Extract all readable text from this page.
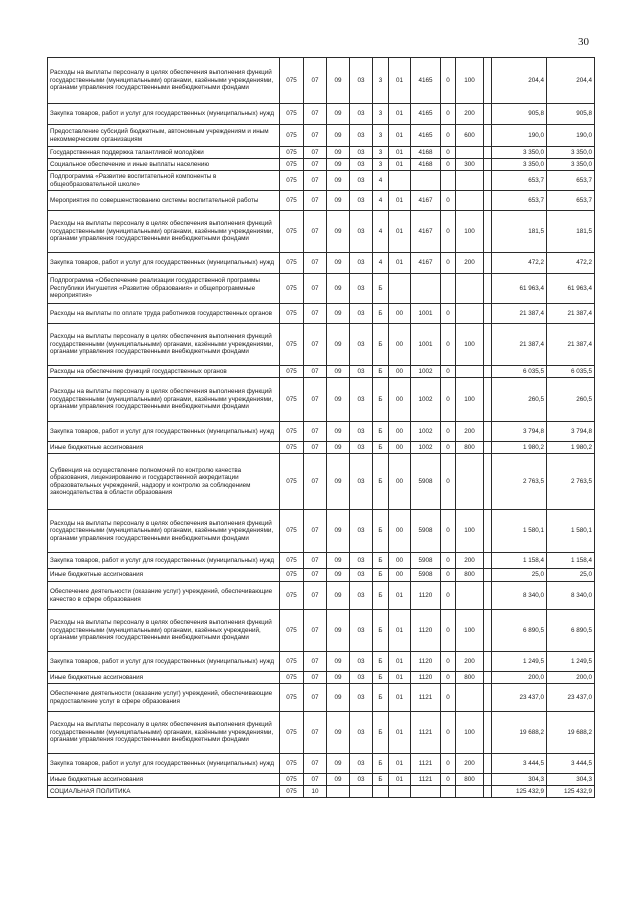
30
Расходы на выплаты персоналу в целях обеспечения выполнения функций государственными (муниципальными) органами, казёнными учреждениями, органами управления государственными внебюджетными фондами	075	07	09	03	3	01	4165	0	100		204,4	204,4
Закупка товаров, работ и услуг для государственных (муниципальных) нужд	075	07	09	03	3	01	4165	0	200		905,8	905,8
Предоставление субсидий бюджетным, автономным учреждениям и иным некоммерческим организациям	075	07	09	03	3	01	4165	0	600		190,0	190,0
Государственная поддержка талантливой молодёжи	075	07	09	03	3	01	4168	0			3 350,0	3 350,0
Социальное обеспечение и иные выплаты населению	075	07	09	03	3	01	4168	0	300		3 350,0	3 350,0
Подпрограмма «Развитие воспитательной компоненты в общеобразовательной школе»	075	07	09	03	4						653,7	653,7
Мероприятия по совершенствованию системы воспитательной работы	075	07	09	03	4	01	4167	0			653,7	653,7
Расходы на выплаты персоналу в целях обеспечения выполнения функций государственными (муниципальными) органами, казёнными учреждениями, органами управления государственными внебюджетными фондами	075	07	09	03	4	01	4167	0	100		181,5	181,5
Закупка товаров, работ и услуг для государственных (муниципальных) нужд	075	07	09	03	4	01	4167	0	200		472,2	472,2
Подпрограмма «Обеспечение реализации государственной программы Республики Ингушетия «Развитие образования» и общепрограммные мероприятия»	075	07	09	03	Б						61 963,4	61 963,4
Расходы на выплаты по оплате труда работников государственных органов	075	07	09	03	Б	00	1001	0			21 387,4	21 387,4
Расходы на выплаты персоналу в целях обеспечения выполнения функций государственными (муниципальными) органами, казёнными учреждениями, органами управления государственными внебюджетными фондами	075	07	09	03	Б	00	1001	0	100		21 387,4	21 387,4
Расходы на обеспечение функций государственных органов	075	07	09	03	Б	00	1002	0			6 035,5	6 035,5
Расходы на выплаты персоналу в целях обеспечения выполнения функций государственными (муниципальными) органами, казёнными учреждениями, органами управления государственными внебюджетными фондами	075	07	09	03	Б	00	1002	0	100		260,5	260,5
Закупка товаров, работ и услуг для государственных (муниципальных) нужд	075	07	09	03	Б	00	1002	0	200		3 794,8	3 794,8
Иные бюджетные ассигнования	075	07	09	03	Б	00	1002	0	800		1 980,2	1 980,2
Субвенция на осуществление полномочий по контролю качества образования, лицензированию и государственной аккредитации образовательных учреждений, надзору и контролю за соблюдением законодательства в области образования	075	07	09	03	Б	00	5908	0			2 763,5	2 763,5
Расходы на выплаты персоналу в целях обеспечения выполнения функций государственными (муниципальными) органами, казёнными учреждениями, органами управления государственными внебюджетными фондами	075	07	09	03	Б	00	5908	0	100		1 580,1	1 580,1
Закупка товаров, работ и услуг для государственных (муниципальных) нужд	075	07	09	03	Б	00	5908	0	200		1 158,4	1 158,4
Иные бюджетные ассигнования	075	07	09	03	Б	00	5908	0	800		25,0	25,0
Обеспечение деятельности (оказание услуг) учреждений, обеспечивающие качество в сфере образования	075	07	09	03	Б	01	1120	0			8 340,0	8 340,0
Расходы на выплаты персоналу в целях обеспечения выполнения функций государственными (муниципальными) органами, казённых учреждений, органами управления государственными внебюджетными фондами	075	07	09	03	Б	01	1120	0	100		6 890,5	6 890,5
Закупка товаров, работ и услуг для государственных (муниципальных) нужд	075	07	09	03	Б	01	1120	0	200		1 249,5	1 249,5
Иные бюджетные ассигнования	075	07	09	03	Б	01	1120	0	800		200,0	200,0
Обеспечение деятельности (оказание услуг) учреждений, обеспечивающие предоставление услуг в сфере образования	075	07	09	03	Б	01	1121	0			23 437,0	23 437,0
Расходы на выплаты персоналу в целях обеспечения выполнения функций государственными (муниципальными) органами, казёнными учреждениями, органами управления государственными внебюджетными фондами	075	07	09	03	Б	01	1121	0	100		19 688,2	19 688,2
Закупка товаров, работ и услуг для государственных (муниципальных) нужд	075	07	09	03	Б	01	1121	0	200		3 444,5	3 444,5
Иные бюджетные ассигнования	075	07	09	03	Б	01	1121	0	800		304,3	304,3
СОЦИАЛЬНАЯ ПОЛИТИКА	075	10									125 432,9	125 432,9
